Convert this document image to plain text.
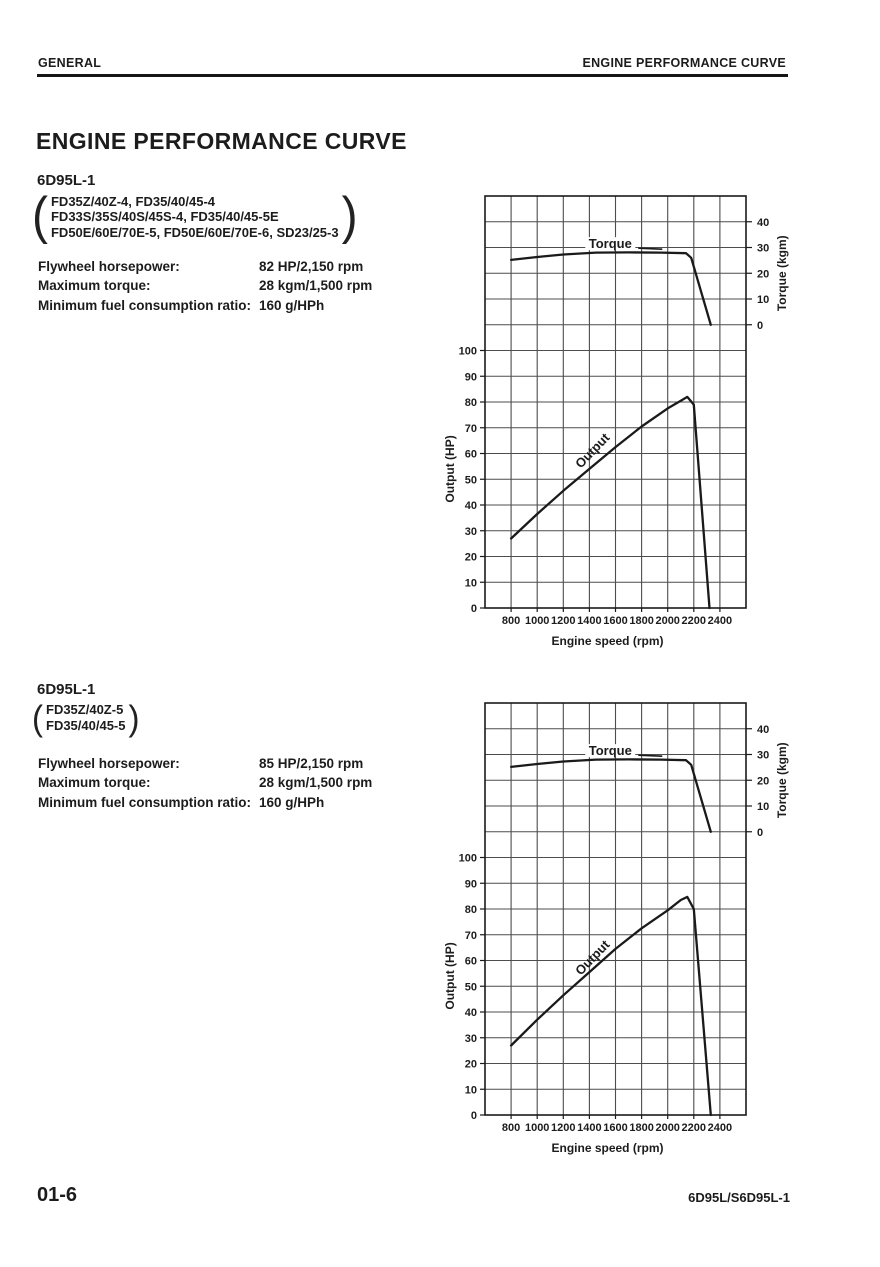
GENERAL	ENGINE PERFORMANCE CURVE
ENGINE PERFORMANCE CURVE
6D95L-1
( FD35Z/40Z-4, FD35/40/45-4
FD33S/35S/40S/45S-4, FD35/40/45-5E
FD50E/60E/70E-5, FD50E/60E/70E-6, SD23/25-3 )
Flywheel horsepower:	82 HP/2,150 rpm
Maximum torque:	28 kgm/1,500 rpm
Minimum fuel consumption ratio: 160 g/HPh
0
10
20
30
40
50
60
70
80
90
100
0
10
20
30
40
800 1000 1200 1400 1600 1800 2000 2200 2400
Torque (kgm)
Output (HP)
Engine speed (rpm)
Torque
Output
6D95L-1
( FD35Z/40Z-5
FD35/40/45-5 )
Flywheel horsepower:	85 HP/2,150 rpm
Maximum torque:	28 kgm/1,500 rpm
Minimum fuel consumption ratio: 160 g/HPh
0
10
20
30
40
50
60
70
80
90
100
0
10
20
30
40
800 1000 1200 1400 1600 1800 2000 2200 2400
Torque (kgm)
Output (HP)
Engine speed (rpm)
Torque
Output
01-6	6D95L/S6D95L-1
